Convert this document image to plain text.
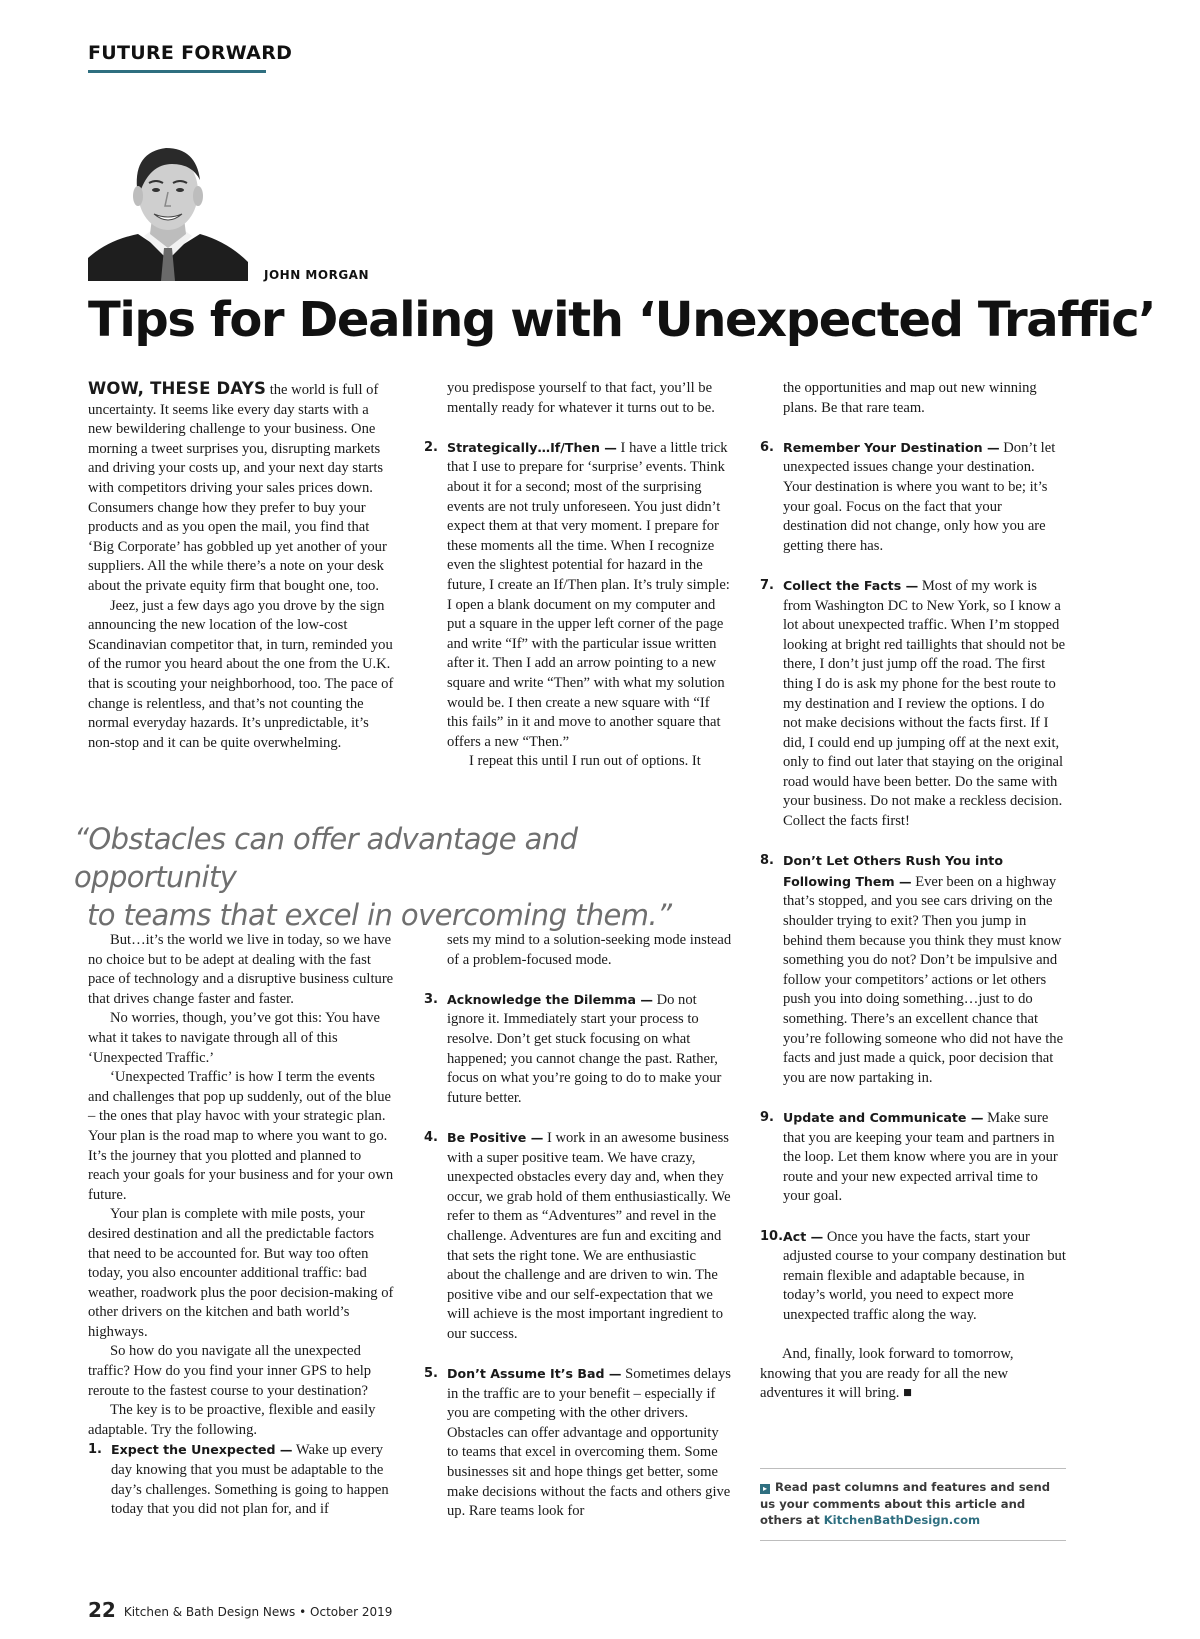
FUTURE FORWARD
JOHN MORGAN
Tips for Dealing with ‘Unexpected Traffic’

WOW, THESE DAYS the world is full of uncertainty. It seems like every day starts with a new bewildering challenge to your business. One morning a tweet surprises you, disrupting markets and driving your costs up, and your next day starts with competitors driving your sales prices down. Consumers change how they prefer to buy your products and as you open the mail, you find that ‘Big Corporate’ has gobbled up yet another of your suppliers. All the while there’s a note on your desk about the private equity firm that bought one, too.

Jeez, just a few days ago you drove by the sign announcing the new location of the low-cost Scandinavian competitor that, in turn, reminded you of the rumor you heard about the one from the U.K. that is scouting your neighborhood, too. The pace of change is relentless, and that’s not counting the normal everyday hazards. It’s unpredictable, it’s non-stop and it can be quite overwhelming.

you predispose yourself to that fact, you’ll be mentally ready for whatever it turns out to be.

2. Strategically…If/Then — I have a little trick that I use to prepare for ‘surprise’ events. Think about it for a second; most of the surprising events are not truly unforeseen. You just didn’t expect them at that very moment. I prepare for these moments all the time. When I recognize even the slightest potential for hazard in the future, I create an If/Then plan. It’s truly simple: I open a blank document on my computer and put a square in the upper left corner of the page and write “If” with the particular issue written after it. Then I add an arrow pointing to a new square and write “Then” with what my solution would be. I then create a new square with “If this fails” in it and move to another square that offers a new “Then.”

I repeat this until I run out of options. It

“Obstacles can offer advantage and opportunity
to teams that excel in overcoming them.”

But…it’s the world we live in today, so we have no choice but to be adept at dealing with the fast pace of technology and a disruptive business culture that drives change faster and faster.

No worries, though, you’ve got this: You have what it takes to navigate through all of this ‘Unexpected Traffic.’

‘Unexpected Traffic’ is how I term the events and challenges that pop up suddenly, out of the blue – the ones that play havoc with your strategic plan. Your plan is the road map to where you want to go. It’s the journey that you plotted and planned to reach your goals for your business and for your own future.

Your plan is complete with mile posts, your desired destination and all the predictable factors that need to be accounted for. But way too often today, you also encounter additional traffic: bad weather, roadwork plus the poor decision-making of other drivers on the kitchen and bath world’s highways.

So how do you navigate all the unexpected traffic? How do you find your inner GPS to help reroute to the fastest course to your destination?

The key is to be proactive, flexible and easily adaptable. Try the following.

1. Expect the Unexpected — Wake up every day knowing that you must be adaptable to the day’s challenges. Something is going to happen today that you did not plan for, and if

sets my mind to a solution-seeking mode instead of a problem-focused mode.

3. Acknowledge the Dilemma — Do not ignore it. Immediately start your process to resolve. Don’t get stuck focusing on what happened; you cannot change the past. Rather, focus on what you’re going to do to make your future better.
4. Be Positive — I work in an awesome business with a super positive team. We have crazy, unexpected obstacles every day and, when they occur, we grab hold of them enthusiastically. We refer to them as “Adventures” and revel in the challenge. Adventures are fun and exciting and that sets the right tone. We are enthusiastic about the challenge and are driven to win. The positive vibe and our self-expectation that we will achieve is the most important ingredient to our success.
5. Don’t Assume It’s Bad — Sometimes delays in the traffic are to your benefit – especially if you are competing with the other drivers. Obstacles can offer advantage and opportunity to teams that excel in overcoming them. Some businesses sit and hope things get better, some make decisions without the facts and others give up. Rare teams look for

the opportunities and map out new winning plans. Be that rare team.

6. Remember Your Destination — Don’t let unexpected issues change your destination. Your destination is where you want to be; it’s your goal. Focus on the fact that your destination did not change, only how you are getting there has.
7. Collect the Facts — Most of my work is from Washington DC to New York, so I know a lot about unexpected traffic. When I’m stopped looking at bright red taillights that should not be there, I don’t just jump off the road. The first thing I do is ask my phone for the best route to my destination and I review the options. I do not make decisions without the facts first. If I did, I could end up jumping off at the next exit, only to find out later that staying on the original road would have been better. Do the same with your business. Do not make a reckless decision. Collect the facts first!
8. Don’t Let Others Rush You into Following Them — Ever been on a highway that’s stopped, and you see cars driving on the shoulder trying to exit? Then you jump in behind them because you think they must know something you do not? Don’t be impulsive and follow your competitors’ actions or let others push you into doing something…just to do something. There’s an excellent chance that you’re following someone who did not have the facts and just made a quick, poor decision that you are now partaking in.
9. Update and Communicate — Make sure that you are keeping your team and partners in the loop. Let them know where you are in your route and your new expected arrival time to your goal.
10. Act — Once you have the facts, start your adjusted course to your company destination but remain flexible and adaptable because, in today’s world, you need to expect more unexpected traffic along the way.

And, finally, look forward to tomorrow, knowing that you are ready for all the new adventures it will bring. ■

▸ Read past columns and features and send us your comments about this article and others at KitchenBathDesign.com
22 Kitchen & Bath Design News • October 2019
